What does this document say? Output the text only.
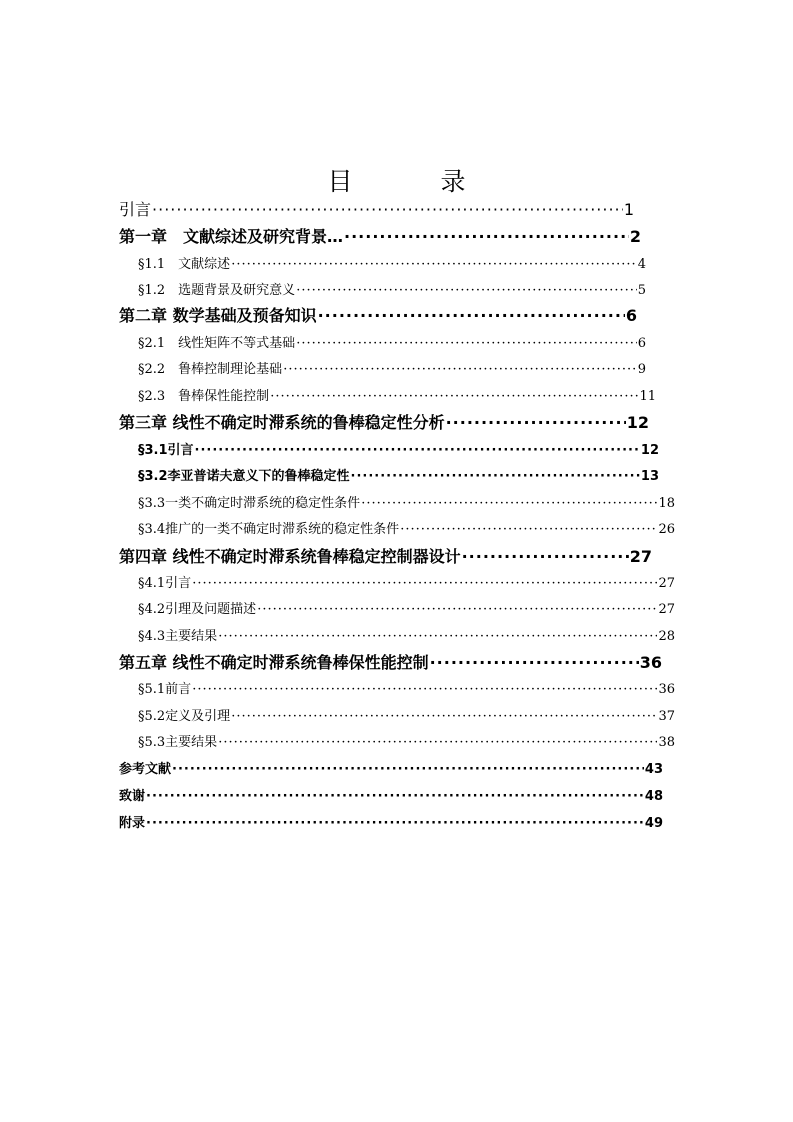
目 录
引言 ·····	1
第一章　文献综述及研究背景… ·····	2
§1.1　文献综述 ·····	4
§1.2　选题背景及研究意义 ·····	5
第二章 数学基础及预备知识 ·····	6
§2.1　线性矩阵不等式基础 ·····	6
§2.2　鲁棒控制理论基础 ·····	9
§2.3　鲁棒保性能控制 ·····	11
第三章 线性不确定时滞系统的鲁棒稳定性分析 ·····	12
§3.1引言 ·····	12
§3.2李亚普诺夫意义下的鲁棒稳定性 ·····	13
§3.3一类不确定时滞系统的稳定性条件 ·····	18
§3.4推广的一类不确定时滞系统的稳定性条件 ·····	26
第四章 线性不确定时滞系统鲁棒稳定控制器设计 ·····	27
§4.1引言 ·····	27
§4.2引理及问题描述 ·····	27
§4.3主要结果 ·····	28
第五章 线性不确定时滞系统鲁棒保性能控制 ·····	36
§5.1前言 ·····	36
§5.2定义及引理 ·····	37
§5.3主要结果 ·····	38
参考文献 ·····	43
致谢 ·····	48
附录 ·····	49
